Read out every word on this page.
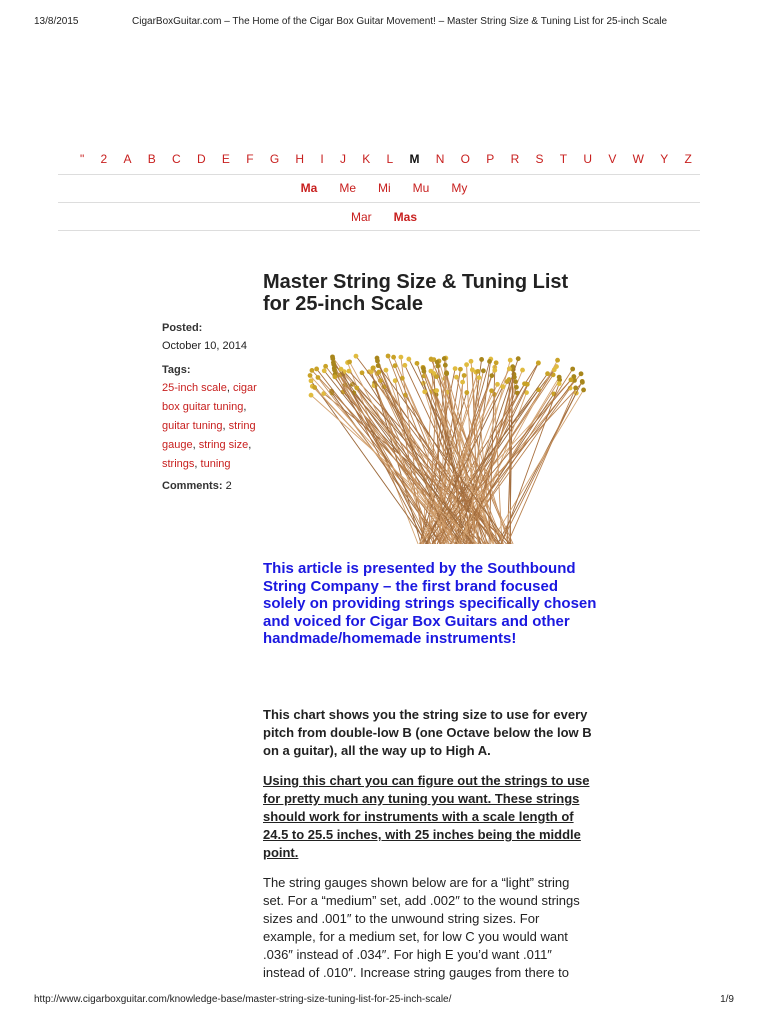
13/8/2015	CigarBoxGuitar.com – The Home of the Cigar Box Guitar Movement! – Master String Size & Tuning List for 25-inch Scale
" 2 A B C D E F G H I J K L M N O P R S T U V W Y Z
Ma Me Mi Mu My
Mar Mas
Master String Size & Tuning List for 25-inch Scale
Posted:
October 10, 2014
Tags:
25-inch scale, cigar box guitar tuning, guitar tuning, string gauge, string size, strings, tuning
Comments: 2

This article is presented by the Southbound String Company – the first brand focused solely on providing strings specifically chosen and voiced for Cigar Box Guitars and other handmade/homemade instruments!

This chart shows you the string size to use for every pitch from double-low B (one Octave below the low B on a guitar), all the way up to High A.

Using this chart you can figure out the strings to use for pretty much any tuning you want. These strings should work for instruments with a scale length of 24.5 to 25.5 inches, with 25 inches being the middle point.

The string gauges shown below are for a “light” string
set. For a “medium” set, add .002″ to the wound strings
sizes and .001″ to the unwound string sizes. For
example, for a medium set, for low C you would want
.036″ instead of .034″. For high E you’d want .011″
instead of .010″. Increase string gauges from there to

http://www.cigarboxguitar.com/knowledge-base/master-string-size-tuning-list-for-25-inch-scale/	1/9
